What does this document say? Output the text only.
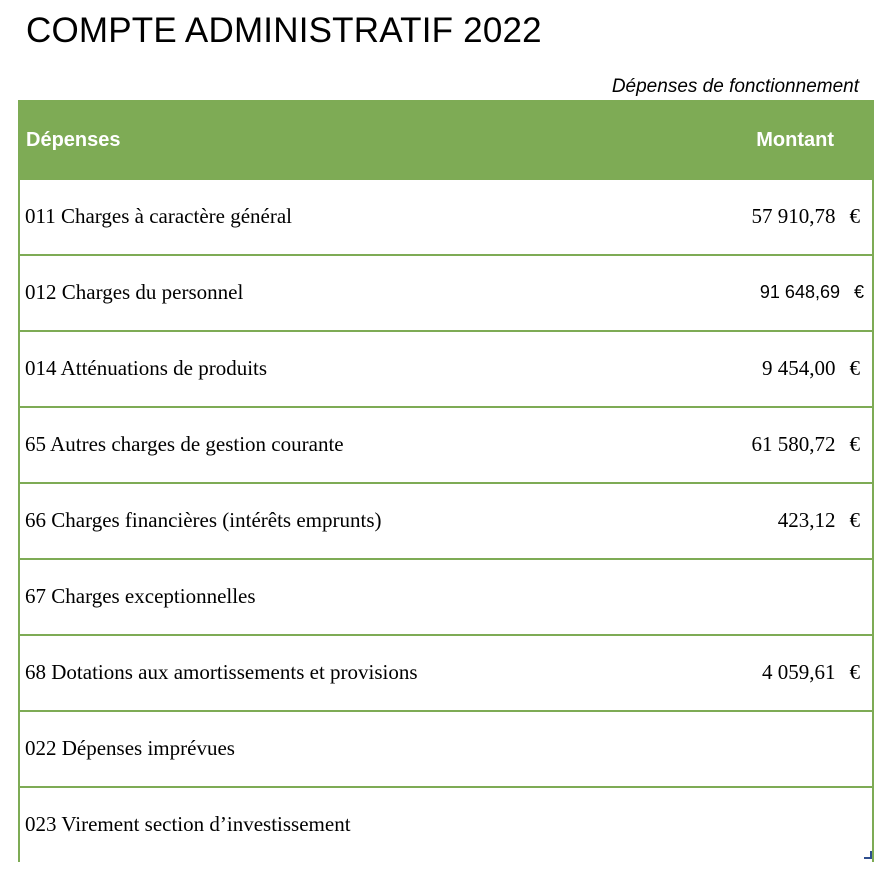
COMPTE ADMINISTRATIF 2022
Dépenses de fonctionnement
Dépenses	Montant
011 Charges à caractère général	57 910,78 €
012 Charges du personnel	91 648,69 €
014 Atténuations de produits	9 454,00 €
65 Autres charges de gestion courante	61 580,72 €
66 Charges financières (intérêts emprunts)	423,12 €
67 Charges exceptionnelles
68 Dotations aux amortissements et provisions	4 059,61 €
022 Dépenses imprévues
023 Virement section d’investissement
